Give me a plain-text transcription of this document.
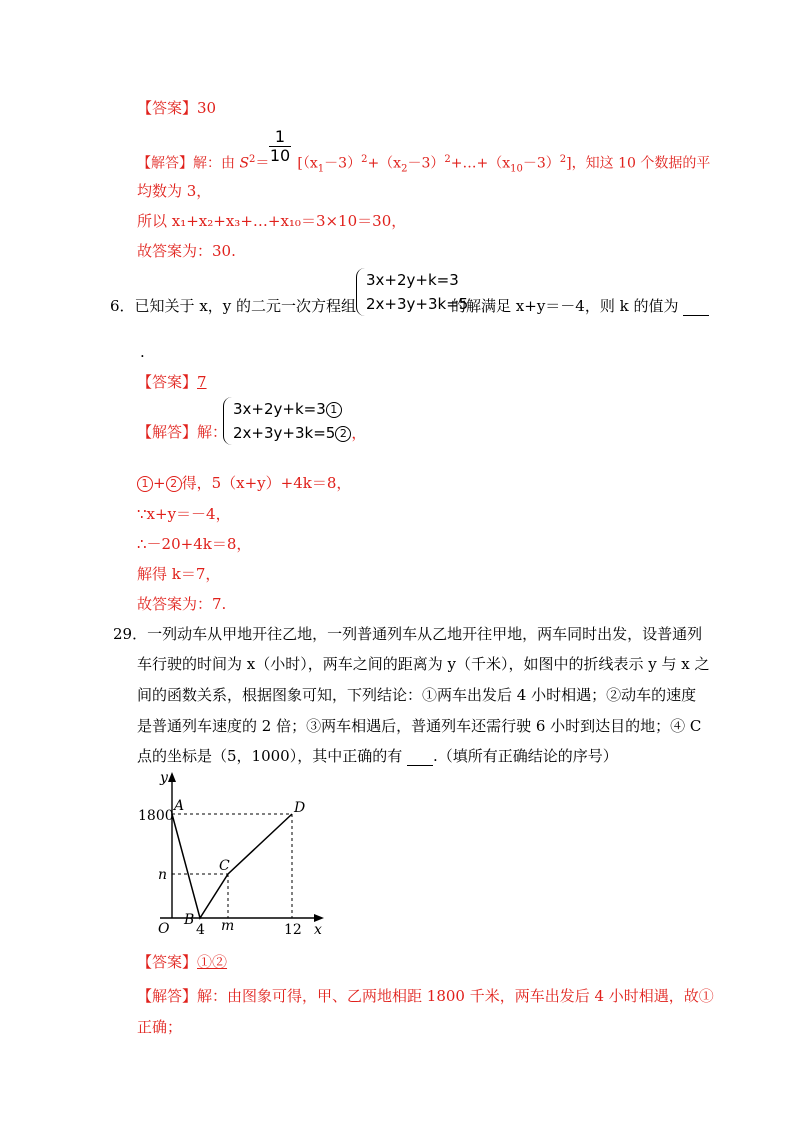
【答案】30
$\frac{1}{10}$
【解答】解：由 $S^2=$ $[(x_1-3)^2+(x_2-3)^2+\dots+(x_{10}-3)^2]$，知这 10 个数据的平
均数为 3，
所以 x₁+x₂+x₃+…+x₁₀＝3×10＝30，
故答案为：30.
3x+2y+k=3
2x+3y+3k=5
6．已知关于 x，y 的二元一次方程组	的解满足 x+y＝－4，则 k 的值为
.
【答案】7
3x+2y+k=3 1
2x+3y+3k=5 2 ，
【解答】解：
1 + 2 得，5（x+y）+4k＝8，
∵x+y＝－4，
∴－20+4k＝8，
解得 k＝7，
故答案为：7.
29．一列动车从甲地开往乙地，一列普通列车从乙地开往甲地，两车同时出发，设普通列
车行驶的时间为 x（小时），两车之间的距离为 y（千米），如图中的折线表示 y 与 x 之
间的函数关系，根据图象可知，下列结论：①两车出发后 4 小时相遇；②动车的速度
是普通列车速度的 2 倍；③两车相遇后，普通列车还需行驶 6 小时到达目的地；④ C
点的坐标是（5，1000），其中正确的有 .（填所有正确结论的序号）
y
x
O
1800
n
4 m	12
A
B
C
D
【答案】①②
【解答】解：由图象可得，甲、乙两地相距 1800 千米，两车出发后 4 小时相遇，故①
正确；
